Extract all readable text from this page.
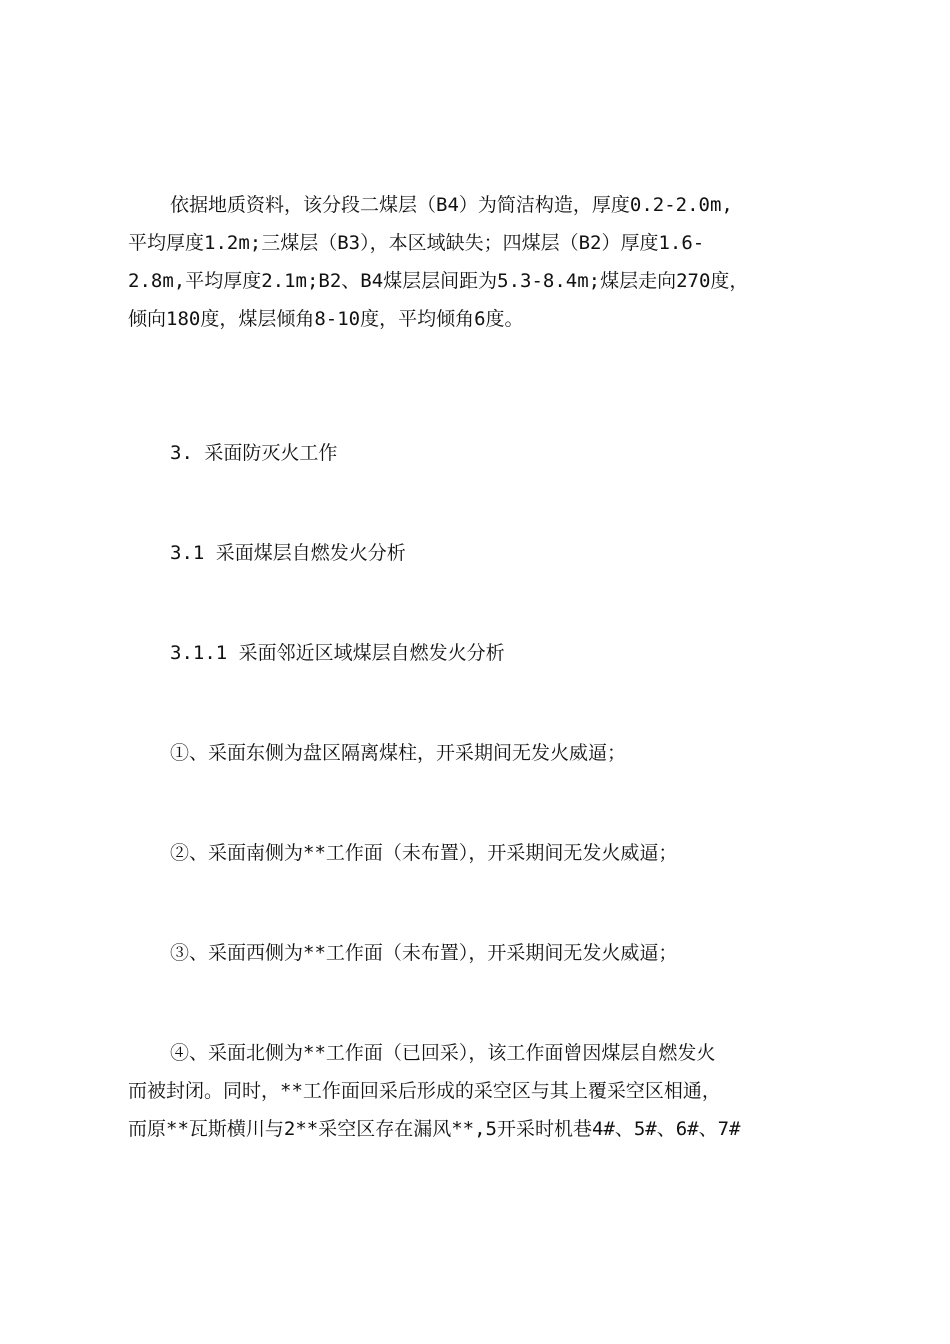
依据地质资料，该分段二煤层（B4）为简洁构造，厚度0.2-2.0m,
平均厚度1.2m;三煤层（B3），本区域缺失；四煤层（B2）厚度1.6-
2.8m,平均厚度2.1m;B2、B4煤层层间距为5.3-8.4m;煤层走向270度，
倾向180度，煤层倾角8-10度，平均倾角6度。

3. 采面防灭火工作

3.1 采面煤层自燃发火分析

3.1.1 采面邻近区域煤层自燃发火分析

①、采面东侧为盘区隔离煤柱，开采期间无发火威逼；

②、采面南侧为**工作面（未布置），开采期间无发火威逼；

③、采面西侧为**工作面（未布置），开采期间无发火威逼；

④、采面北侧为**工作面（已回采），该工作面曾因煤层自燃发火
而被封闭。同时，**工作面回采后形成的采空区与其上覆采空区相通，
而原**瓦斯横川与2**采空区存在漏风**,5开采时机巷4#、5#、6#、7#
